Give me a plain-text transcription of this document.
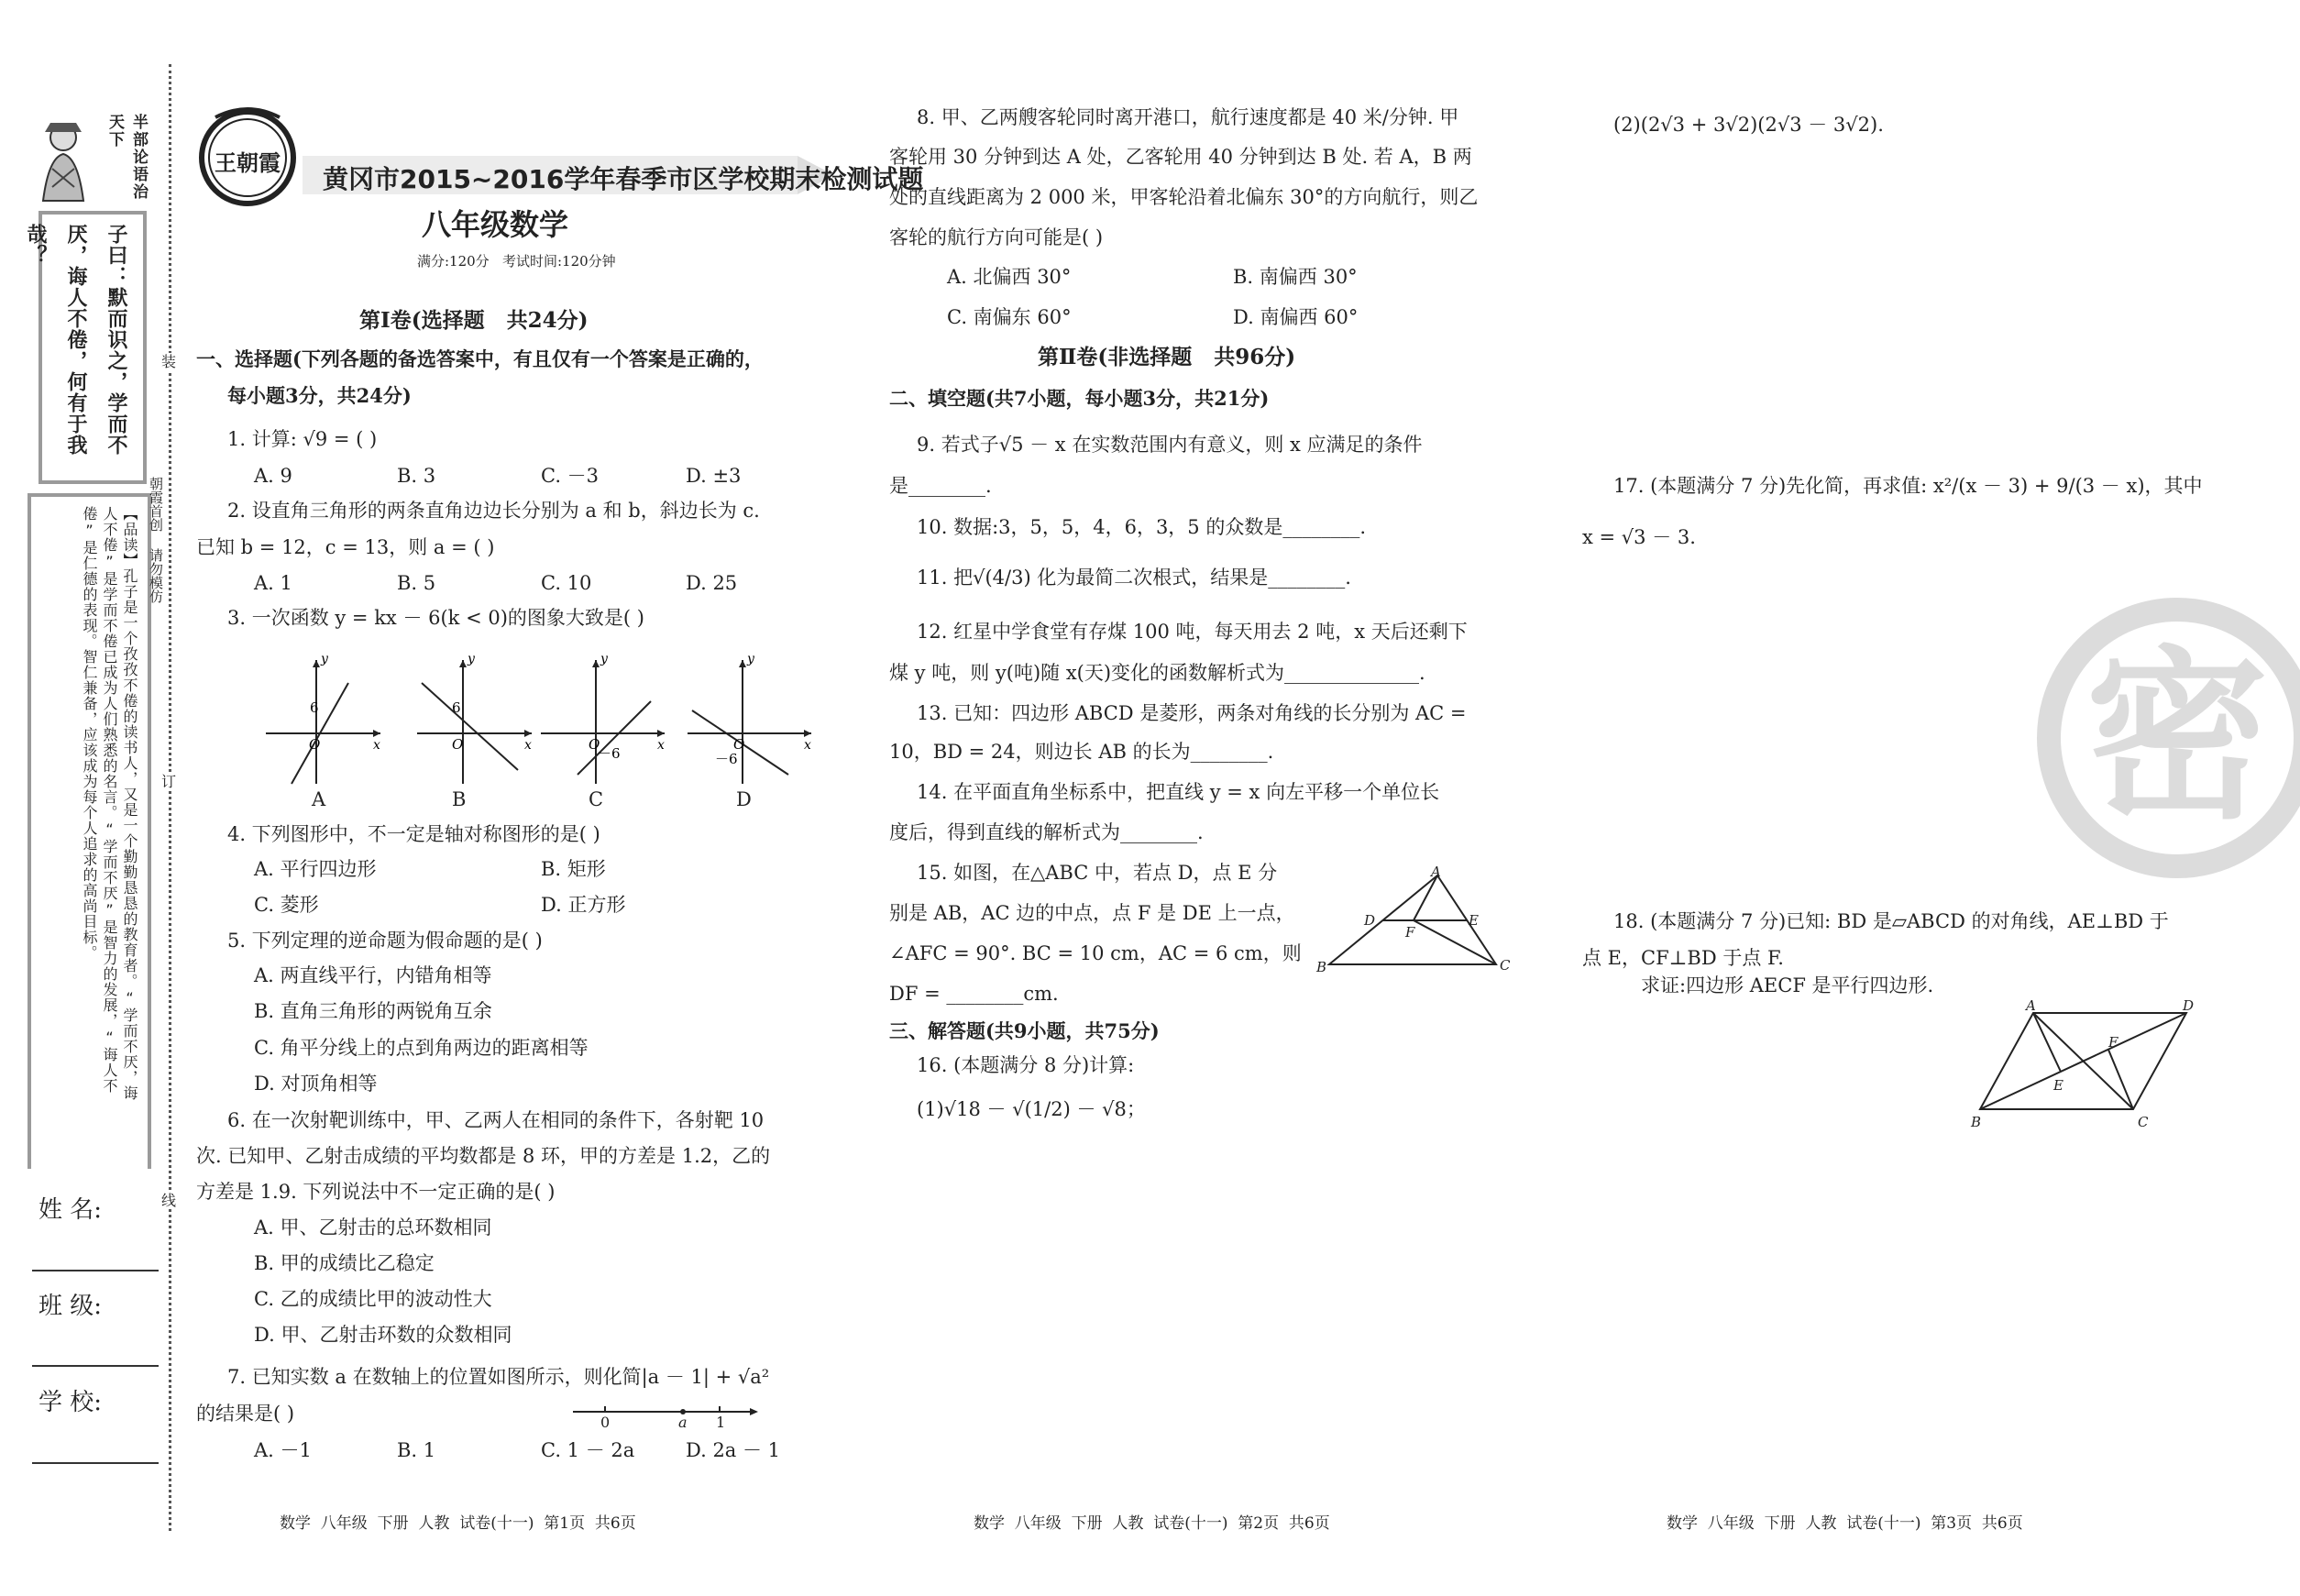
半部论语治天下
子曰：默而识之，学而不厌，诲人不倦，何有于我哉？
【品读】孔子是一个孜孜不倦的读书人，又是一个勤勤恳恳的教育者。“学而不厌，诲人不倦”是学而不倦已成为人们熟悉的名言。“学而不厌”是智力的发展，“诲人不倦”是仁德的表现。智仁兼备，应该成为每个人追求的高尚目标。
姓 名:
班 级:
学 校:
装
订
线
朝霞首创 请勿模仿
王朝霞
黄冈市2015~2016学年春季市区学校期末检测试题
八年级数学
满分:120分   考试时间:120分钟
第Ⅰ卷(选择题   共24分)
一、选择题(下列各题的备选答案中，有且仅有一个答案是正确的，
每小题3分，共24分)
1. 计算: √9 = ( )
A. 9	B. 3	C. －3	D. ±3
2. 设直角三角形的两条直角边边长分别为 a 和 b，斜边长为 c.
已知 b = 12，c = 13，则 a = ( )
A. 1	B. 5	C. 10	D. 25
3. 一次函数 y = kx － 6(k < 0)的图象大致是( )
6
O	x
y
6
O	x
y
O
－6	x
y
O
－6
x
y
A	B	C	D
4. 下列图形中，不一定是轴对称图形的是( )
A. 平行四边形	B. 矩形
C. 菱形	D. 正方形
5. 下列定理的逆命题为假命题的是( )
A. 两直线平行，内错角相等
B. 直角三角形的两锐角互余
C. 角平分线上的点到角两边的距离相等
D. 对顶角相等
6. 在一次射靶训练中，甲、乙两人在相同的条件下，各射靶 10
次. 已知甲、乙射击成绩的平均数都是 8 环，甲的方差是 1.2，乙的
方差是 1.9. 下列说法中不一定正确的是( )
A. 甲、乙射击的总环数相同
B. 甲的成绩比乙稳定
C. 乙的成绩比甲的波动性大
D. 甲、乙射击环数的众数相同
7. 已知实数 a 在数轴上的位置如图所示，则化简|a － 1| + √a²
的结果是( )	0	a 1
A. －1	B. 1	C. 1 － 2a	D. 2a － 1
数学  八年级  下册  人教  试卷(十一)  第1页  共6页
8. 甲、乙两艘客轮同时离开港口，航行速度都是 40 米/分钟. 甲
客轮用 30 分钟到达 A 处，乙客轮用 40 分钟到达 B 处. 若 A，B 两
处的直线距离为 2 000 米，甲客轮沿着北偏东 30°的方向航行，则乙
客轮的航行方向可能是( )
A. 北偏西 30°	B. 南偏西 30°
C. 南偏东 60°	D. 南偏西 60°
第Ⅱ卷(非选择题   共96分)
二、填空题(共7小题，每小题3分，共21分)
9. 若式子√5 － x 在实数范围内有意义，则 x 应满足的条件
是________.
10. 数据:3，5，5，4，6，3，5 的众数是________.
11. 把√(4/3) 化为最简二次根式，结果是________.
12. 红星中学食堂有存煤 100 吨，每天用去 2 吨，x 天后还剩下
煤 y 吨，则 y(吨)随 x(天)变化的函数解析式为______________.
13. 已知：四边形 ABCD 是菱形，两条对角线的长分别为 AC =
10，BD = 24，则边长 AB 的长为________.
14. 在平面直角坐标系中，把直线 y = x 向左平移一个单位长
度后，得到直线的解析式为________.
15. 如图，在△ABC 中，若点 D，点 E 分
别是 AB，AC 边的中点，点 F 是 DE 上一点，
∠AFC = 90°. BC = 10 cm，AC = 6 cm，则
DF = ________cm.
A
B	C
D	E
F
三、解答题(共9小题，共75分)
16. (本题满分 8 分)计算:
(1)√18 － √(1/2) － √8；
数学  八年级  下册  人教  试卷(十一)  第2页  共6页
(2)(2√3 + 3√2)(2√3 － 3√2).
17. (本题满分 7 分)先化简，再求值: x²/(x － 3) + 9/(3 － x)，其中
x = √3 － 3.
密
18. (本题满分 7 分)已知: BD 是▱ABCD 的对角线，AE⊥BD 于
点 E，CF⊥BD 于点 F.
求证:四边形 AECF 是平行四边形.
A	D
B	C
E
F
数学  八年级  下册  人教  试卷(十一)  第3页  共6页
